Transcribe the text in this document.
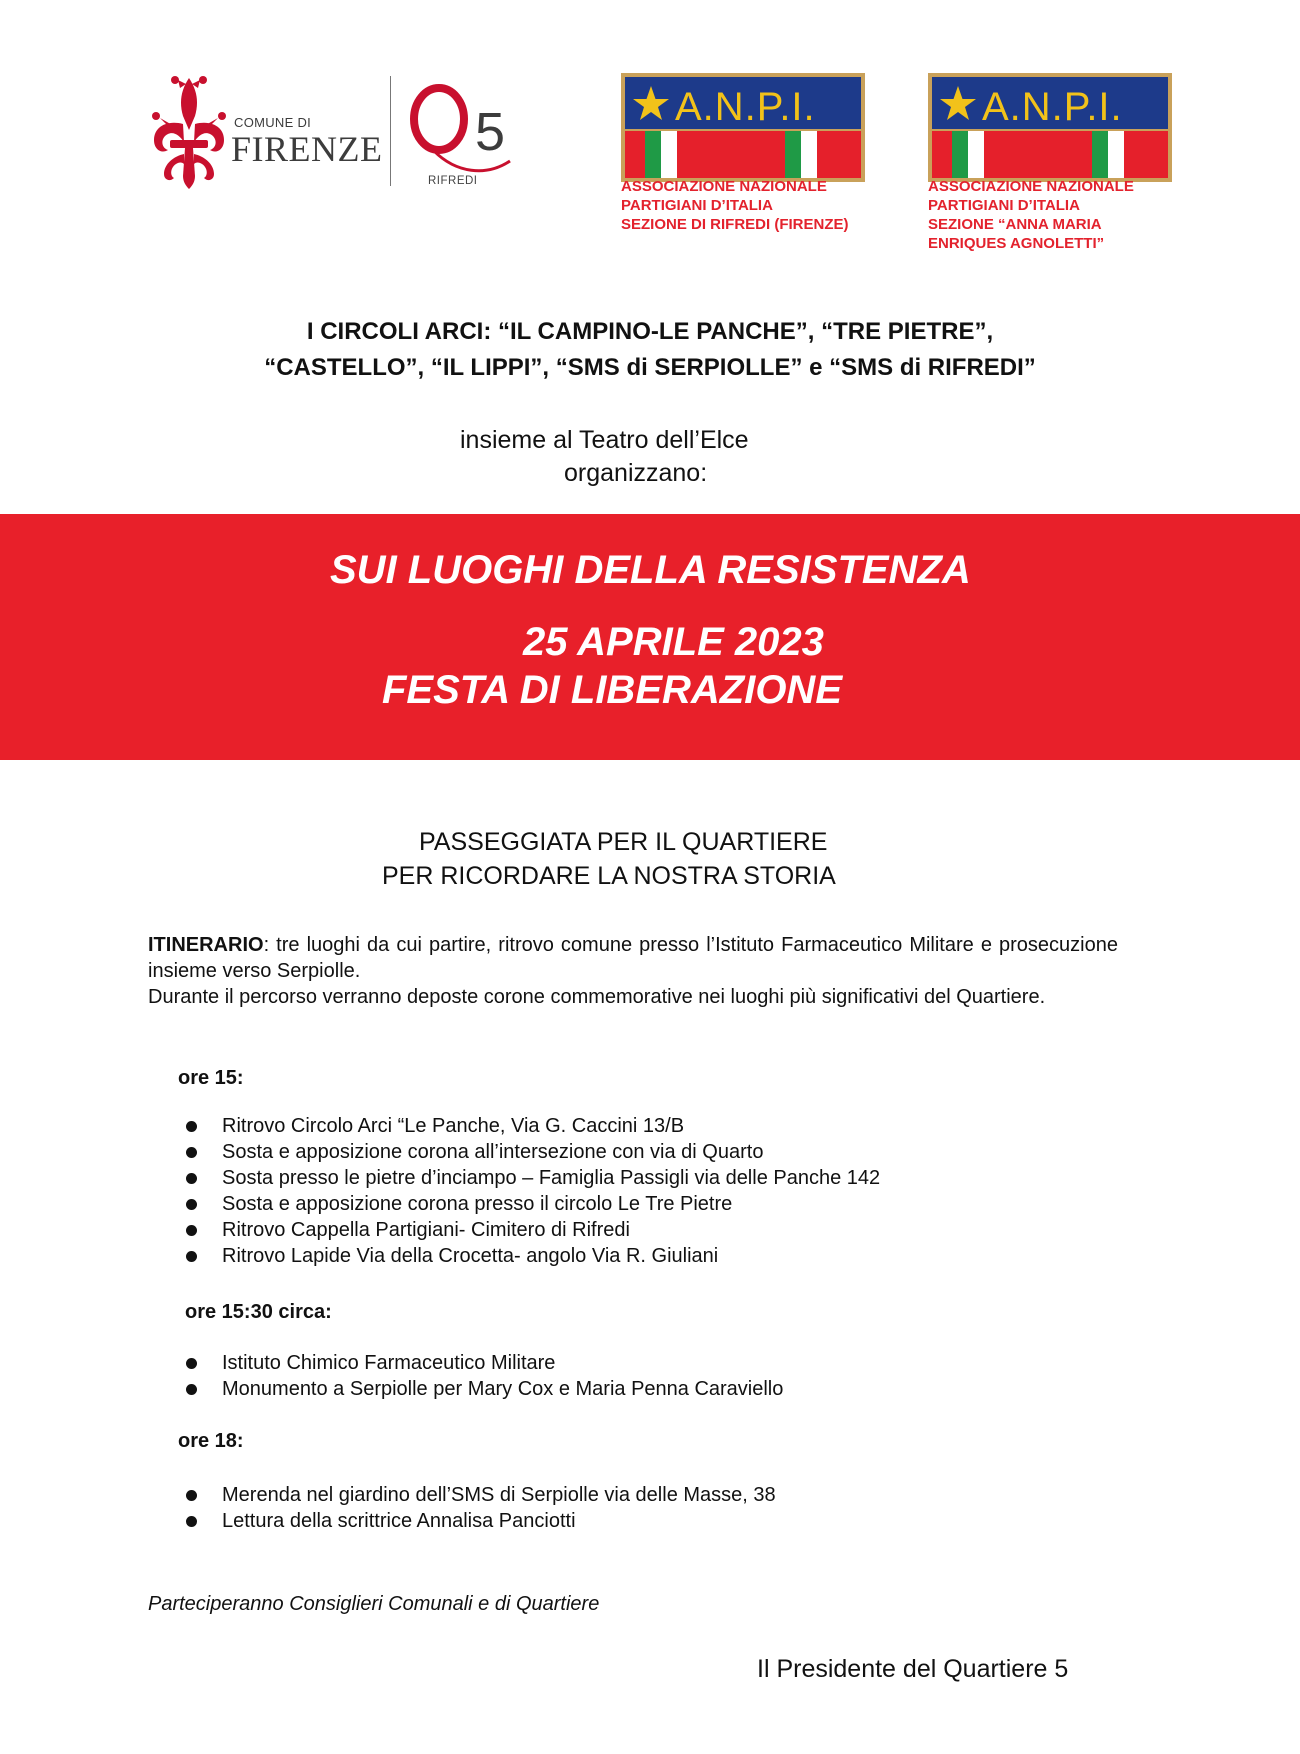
COMUNE DI
FIRENZE 5
RIFREDI
A.N.P.I.
ASSOCIAZIONE NAZIONALE
PARTIGIANI D’ITALIA
SEZIONE DI RIFREDI (FIRENZE)
A.N.P.I.
ASSOCIAZIONE NAZIONALE
PARTIGIANI D’ITALIA
SEZIONE “ANNA MARIA
ENRIQUES AGNOLETTI”
I CIRCOLI ARCI: “IL CAMPINO-LE PANCHE”, “TRE PIETRE”,
“CASTELLO”, “IL LIPPI”, “SMS di SERPIOLLE” e “SMS di RIFREDI”
insieme al Teatro dell’Elce
organizzano:
SUI LUOGHI DELLA RESISTENZA
25 APRILE 2023
FESTA DI LIBERAZIONE
PASSEGGIATA PER IL QUARTIERE
PER RICORDARE LA NOSTRA STORIA
ITINERARIO: tre luoghi da cui partire, ritrovo comune presso l’Istituto Farmaceutico Militare e prosecuzione insieme verso Serpiolle.
Durante il percorso verranno deposte corone commemorative nei luoghi più significativi del Quartiere.
ore 15:
Ritrovo Circolo Arci “Le Panche, Via G. Caccini 13/B
Sosta e apposizione corona all’intersezione con via di Quarto
Sosta presso le pietre d’inciampo – Famiglia Passigli via delle Panche 142
Sosta e apposizione corona presso il circolo Le Tre Pietre
Ritrovo Cappella Partigiani- Cimitero di Rifredi
Ritrovo Lapide Via della Crocetta- angolo Via R. Giuliani
ore 15:30 circa:
Istituto Chimico Farmaceutico Militare
Monumento a Serpiolle per Mary Cox e Maria Penna Caraviello
ore 18:
Merenda nel giardino dell’SMS di Serpiolle via delle Masse, 38
Lettura della scrittrice Annalisa Panciotti
Parteciperanno Consiglieri Comunali e di Quartiere
Il Presidente del Quartiere 5
